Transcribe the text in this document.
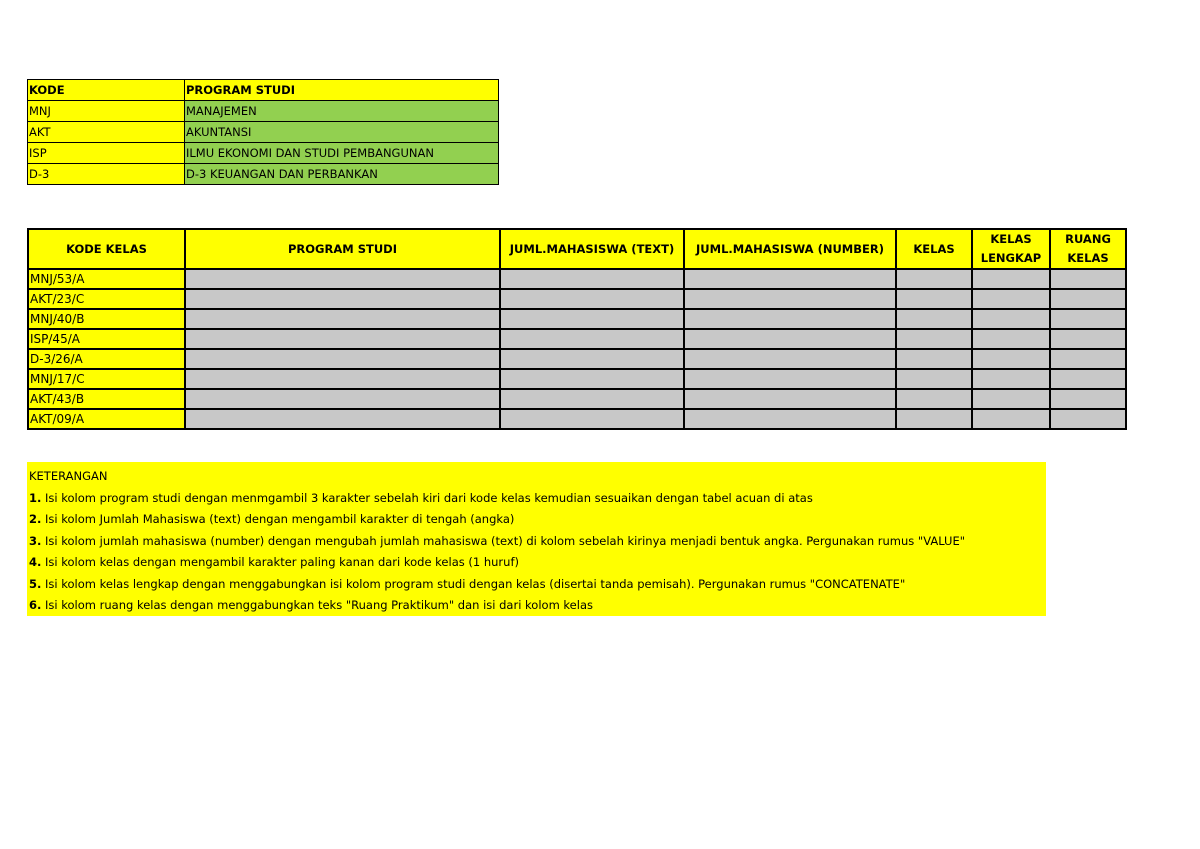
KODE	PROGRAM STUDI
MNJ	MANAJEMEN
AKT	AKUNTANSI
ISP	ILMU EKONOMI DAN STUDI PEMBANGUNAN
D-3	D-3 KEUANGAN DAN PERBANKAN
KODE KELAS	PROGRAM STUDI	JUML.MAHASISWA (TEXT)	JUML.MAHASISWA (NUMBER)	KELAS	KELAS LENGKAP	RUANG KELAS
MNJ/53/A						
AKT/23/C						
MNJ/40/B						
ISP/45/A						
D-3/26/A						
MNJ/17/C						
AKT/43/B						
AKT/09/A						
KETERANGAN
1. Isi kolom program studi dengan menmgambil 3 karakter sebelah kiri dari kode kelas kemudian sesuaikan dengan tabel acuan di atas
2. Isi kolom Jumlah Mahasiswa (text) dengan mengambil karakter di tengah (angka)
3. Isi kolom jumlah mahasiswa (number) dengan mengubah jumlah mahasiswa (text) di kolom sebelah kirinya menjadi bentuk angka. Pergunakan rumus "VALUE"
4. Isi kolom kelas dengan mengambil karakter paling kanan dari kode kelas (1 huruf)
5. Isi kolom kelas lengkap dengan menggabungkan isi kolom program studi dengan kelas (disertai tanda pemisah). Pergunakan rumus "CONCATENATE"
6. Isi kolom ruang kelas dengan menggabungkan teks "Ruang Praktikum" dan isi dari kolom kelas
